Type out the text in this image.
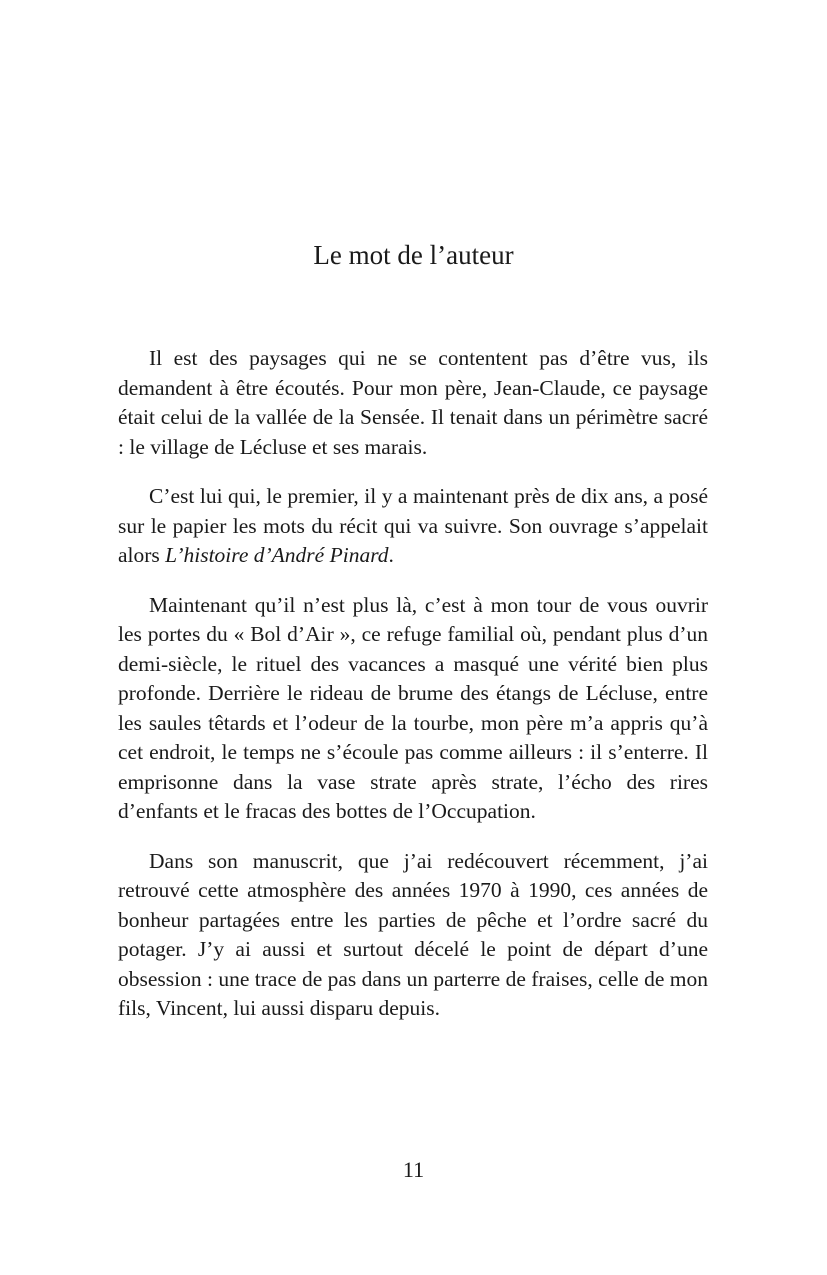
Le mot de l’auteur

Il est des paysages qui ne se contentent pas d’être vus, ils demandent à être écoutés. Pour mon père, Jean-Claude, ce paysage était celui de la vallée de la Sensée. Il tenait dans un périmètre sacré : le village de Lécluse et ses marais.

C’est lui qui, le premier, il y a maintenant près de dix ans, a posé sur le papier les mots du récit qui va suivre. Son ouvrage s’appelait alors L’histoire d’André Pinard.

Maintenant qu’il n’est plus là, c’est à mon tour de vous ouvrir les portes du « Bol d’Air », ce refuge familial où, pendant plus d’un demi-siècle, le rituel des vacances a masqué une vérité bien plus profonde. Derrière le rideau de brume des étangs de Lécluse, entre les saules têtards et l’odeur de la tourbe, mon père m’a appris qu’à cet endroit, le temps ne s’écoule pas comme ailleurs : il s’enterre. Il emprisonne dans la vase strate après strate, l’écho des rires d’enfants et le fracas des bottes de l’Occupation.

Dans son manuscrit, que j’ai redécouvert récemment, j’ai retrouvé cette atmosphère des années 1970 à 1990, ces années de bonheur partagées entre les parties de pêche et l’ordre sacré du potager. J’y ai aussi et surtout décelé le point de départ d’une obsession : une trace de pas dans un parterre de fraises, celle de mon fils, Vincent, lui aussi disparu depuis.

11
